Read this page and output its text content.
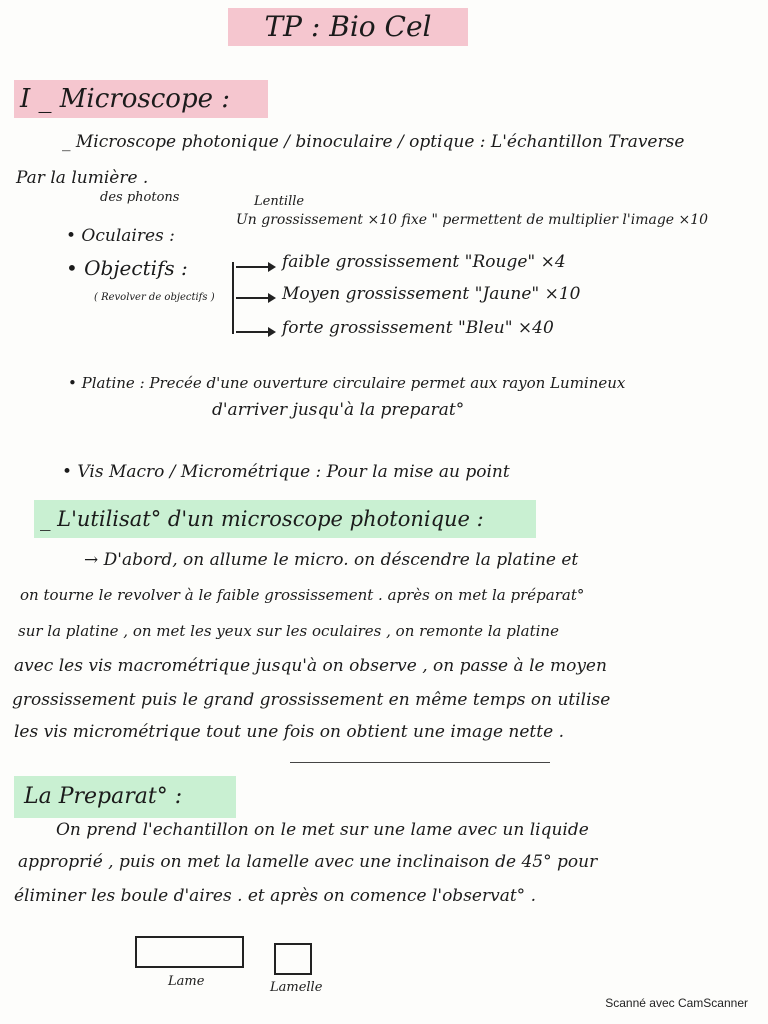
TP : Bio Cel
I _ Microscope :
_ Microscope photonique / binoculaire / optique : L'échantillon Traverse
Par la lumière .
des photons
• Oculaires :
Lentille
Un grossissement ×10 fixe " permettent de multiplier l'image ×10
• Objectifs :
( Revolver de objectifs )
faible grossissement "Rouge" ×4
Moyen grossissement "Jaune" ×10
forte grossissement "Bleu" ×40
• Platine : Precée d'une ouverture circulaire permet aux rayon Lumineux
d'arriver jusqu'à la preparat°
• Vis Macro / Micrométrique : Pour la mise au point
_ L'utilisat° d'un microscope photonique :
→ D'abord, on allume le micro. on déscendre la platine et
on tourne le revolver à le faible grossissement . après on met la préparat°
sur la platine , on met les yeux sur les oculaires , on remonte la platine
avec les vis macrométrique jusqu'à on observe , on passe à le moyen
grossissement puis le grand grossissement en même temps on utilise
les vis micrométrique tout une fois on obtient une image nette .
La Preparat° :
On prend l'echantillon on le met sur une lame avec un liquide
approprié , puis on met la lamelle avec une inclinaison de 45° pour
éliminer les boule d'aires . et après on comence l'observat° .
Lame	Lamelle
Scanné avec CamScanner
